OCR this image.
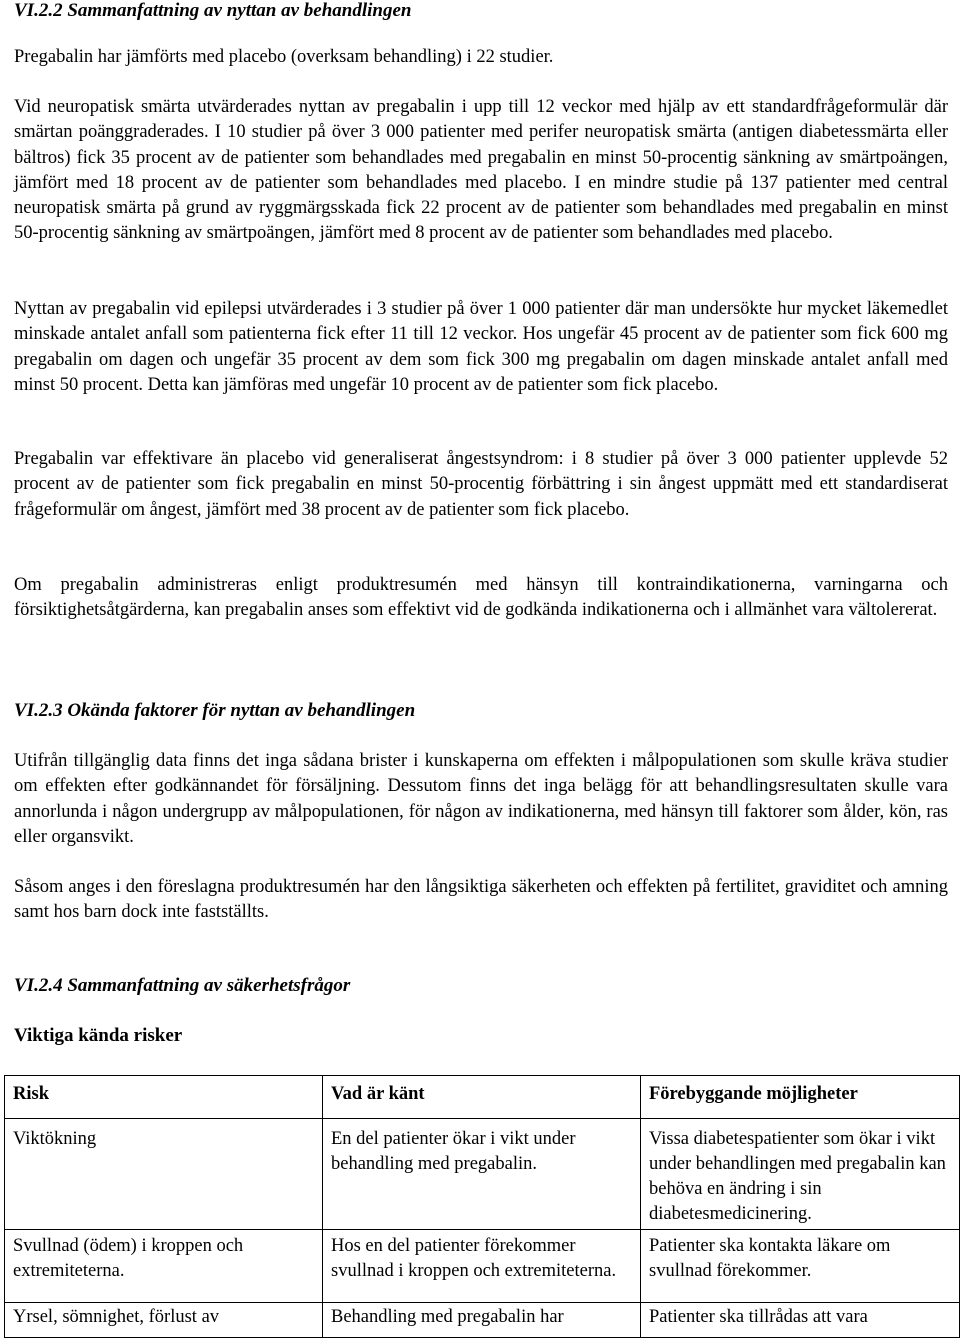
VI.2.2 Sammanfattning av nyttan av behandlingen

Pregabalin har jämförts med placebo (overksam behandling) i 22 studier.

Vid neuropatisk smärta utvärderades nyttan av pregabalin i upp till 12 veckor med hjälp av ett standardfrågeformulär där smärtan poänggraderades. I 10 studier på över 3 000 patienter med perifer neuropatisk smärta (antigen diabetessmärta eller bältros) fick 35 procent av de patienter som behandlades med pregabalin en minst 50-procentig sänkning av smärtpoängen, jämfört med 18 procent av de patienter som behandlades med placebo. I en mindre studie på 137 patienter med central neuropatisk smärta på grund av ryggmärgsskada fick 22 procent av de patienter som behandlades med pregabalin en minst 50-procentig sänkning av smärtpoängen, jämfört med 8 procent av de patienter som behandlades med placebo.

Nyttan av pregabalin vid epilepsi utvärderades i 3 studier på över 1 000 patienter där man undersökte hur mycket läkemedlet minskade antalet anfall som patienterna fick efter 11 till 12 veckor. Hos ungefär 45 procent av de patienter som fick 600 mg pregabalin om dagen och ungefär 35 procent av dem som fick 300 mg pregabalin om dagen minskade antalet anfall med minst 50 procent. Detta kan jämföras med ungefär 10 procent av de patienter som fick placebo.

Pregabalin var effektivare än placebo vid generaliserat ångestsyndrom: i 8 studier på över 3 000 patienter upplevde 52 procent av de patienter som fick pregabalin en minst 50-procentig förbättring i sin ångest uppmätt med ett standardiserat frågeformulär om ångest, jämfört med 38 procent av de patienter som fick placebo.

Om pregabalin administreras enligt produktresumén med hänsyn till kontraindikationerna, varningarna och försiktighetsåtgärderna, kan pregabalin anses som effektivt vid de godkända indikationerna och i allmänhet vara vältolererat.

VI.2.3 Okända faktorer för nyttan av behandlingen

Utifrån tillgänglig data finns det inga sådana brister i kunskaperna om effekten i målpopulationen som skulle kräva studier om effekten efter godkännandet för försäljning. Dessutom finns det inga belägg för att behandlingsresultaten skulle vara annorlunda i någon undergrupp av målpopulationen, för någon av indikationerna, med hänsyn till faktorer som ålder, kön, ras eller organsvikt.

Såsom anges i den föreslagna produktresumén har den långsiktiga säkerheten och effekten på fertilitet, graviditet och amning samt hos barn dock inte fastställts.

VI.2.4 Sammanfattning av säkerhetsfrågor
Viktiga kända risker
Risk	Vad är känt	Förebyggande möjligheter
Viktökning	En del patienter ökar i vikt under behandling med pregabalin.	Vissa diabetespatienter som ökar i vikt under behandlingen med pregabalin kan behöva en ändring i sin diabetesmedicinering.
Svullnad (ödem) i kroppen och extremiteterna.	Hos en del patienter förekommer svullnad i kroppen och extremiteterna.	Patienter ska kontakta läkare om svullnad förekommer.
Yrsel, sömnighet, förlust av	Behandling med pregabalin har	Patienter ska tillrådas att vara
